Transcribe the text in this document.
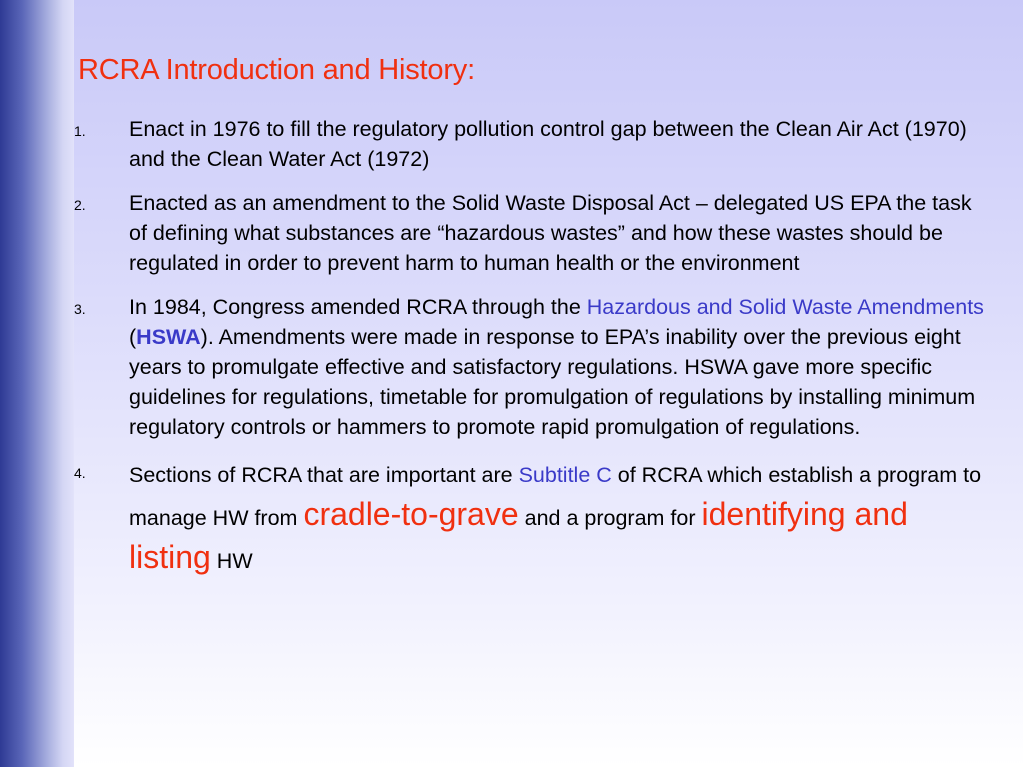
RCRA Introduction and History:
1. Enact in 1976 to fill the regulatory pollution control gap between the Clean Air Act (1970) and the Clean Water Act (1972)
2. Enacted as an amendment to the Solid Waste Disposal Act – delegated US EPA the task of defining what substances are “hazardous wastes” and how these wastes should be regulated in order to prevent harm to human health or the environment
3. In 1984, Congress amended RCRA through the Hazardous and Solid Waste Amendments (HSWA). Amendments were made in response to EPA’s inability over the previous eight years to promulgate effective and satisfactory regulations. HSWA gave more specific guidelines for regulations, timetable for promulgation of regulations by installing minimum regulatory controls or hammers to promote rapid promulgation of regulations.
4. Sections of RCRA that are important are Subtitle C of RCRA which establish a program to manage HW from cradle-to-grave and a program for identifying and listing HW
